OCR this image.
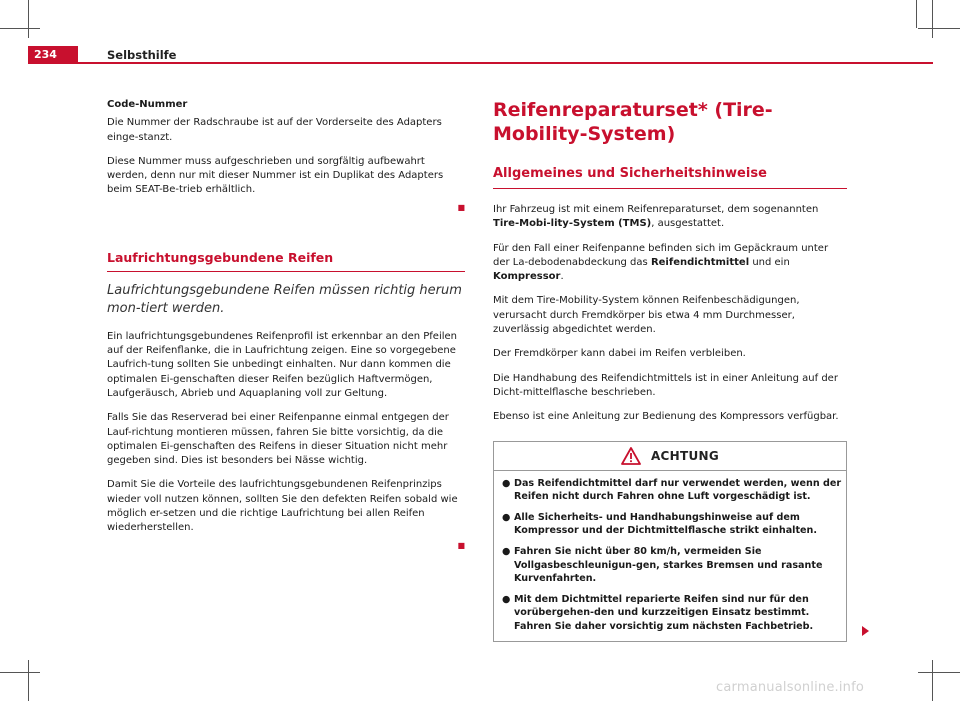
234	Selbsthilfe

Code-Nummer

Die Nummer der Radschraube ist auf der Vorderseite des Adapters einge-stanzt.

Diese Nummer muss aufgeschrieben und sorgfältig aufbewahrt werden, denn nur mit dieser Nummer ist ein Duplikat des Adapters beim SEAT-Be-trieb erhältlich.

■
Laufrichtungsgebundene Reifen

Laufrichtungsgebundene Reifen müssen richtig herum mon-tiert werden.

Ein laufrichtungsgebundenes Reifenprofil ist erkennbar an den Pfeilen auf der Reifenflanke, die in Laufrichtung zeigen. Eine so vorgegebene Laufrich-tung sollten Sie unbedingt einhalten. Nur dann kommen die optimalen Ei-genschaften dieser Reifen bezüglich Haftvermögen, Laufgeräusch, Abrieb und Aquaplaning voll zur Geltung.

Falls Sie das Reserverad bei einer Reifenpanne einmal entgegen der Lauf-richtung montieren müssen, fahren Sie bitte vorsichtig, da die optimalen Ei-genschaften des Reifens in dieser Situation nicht mehr gegeben sind. Dies ist besonders bei Nässe wichtig.

Damit Sie die Vorteile des laufrichtungsgebundenen Reifenprinzips wieder voll nutzen können, sollten Sie den defekten Reifen sobald wie möglich er-setzen und die richtige Laufrichtung bei allen Reifen wiederherstellen.

■
Reifenreparaturset* (Tire-Mobility-System)
Allgemeines und Sicherheitshinweise

Ihr Fahrzeug ist mit einem Reifenreparaturset, dem sogenannten Tire-Mobi-lity-System (TMS), ausgestattet.

Für den Fall einer Reifenpanne befinden sich im Gepäckraum unter der La-debodenabdeckung das Reifendichtmittel und ein Kompressor.

Mit dem Tire-Mobility-System können Reifenbeschädigungen, verursacht durch Fremdkörper bis etwa 4 mm Durchmesser, zuverlässig abgedichtet werden.

Der Fremdkörper kann dabei im Reifen verbleiben.

Die Handhabung des Reifendichtmittels ist in einer Anleitung auf der Dicht-mittelflasche beschrieben.

Ebenso ist eine Anleitung zur Bedienung des Kompressors verfügbar.

ACHTUNG
● Das Reifendichtmittel darf nur verwendet werden, wenn der Reifen nicht durch Fahren ohne Luft vorgeschädigt ist.
● Alle Sicherheits- und Handhabungshinweise auf dem Kompressor und der Dichtmittelflasche strikt einhalten.
● Fahren Sie nicht über 80 km/h, vermeiden Sie Vollgasbeschleunigun-gen, starkes Bremsen und rasante Kurvenfahrten.
● Mit dem Dichtmittel reparierte Reifen sind nur für den vorübergehen-den und kurzzeitigen Einsatz bestimmt. Fahren Sie daher vorsichtig zum nächsten Fachbetrieb.
carmanualsonline.info
